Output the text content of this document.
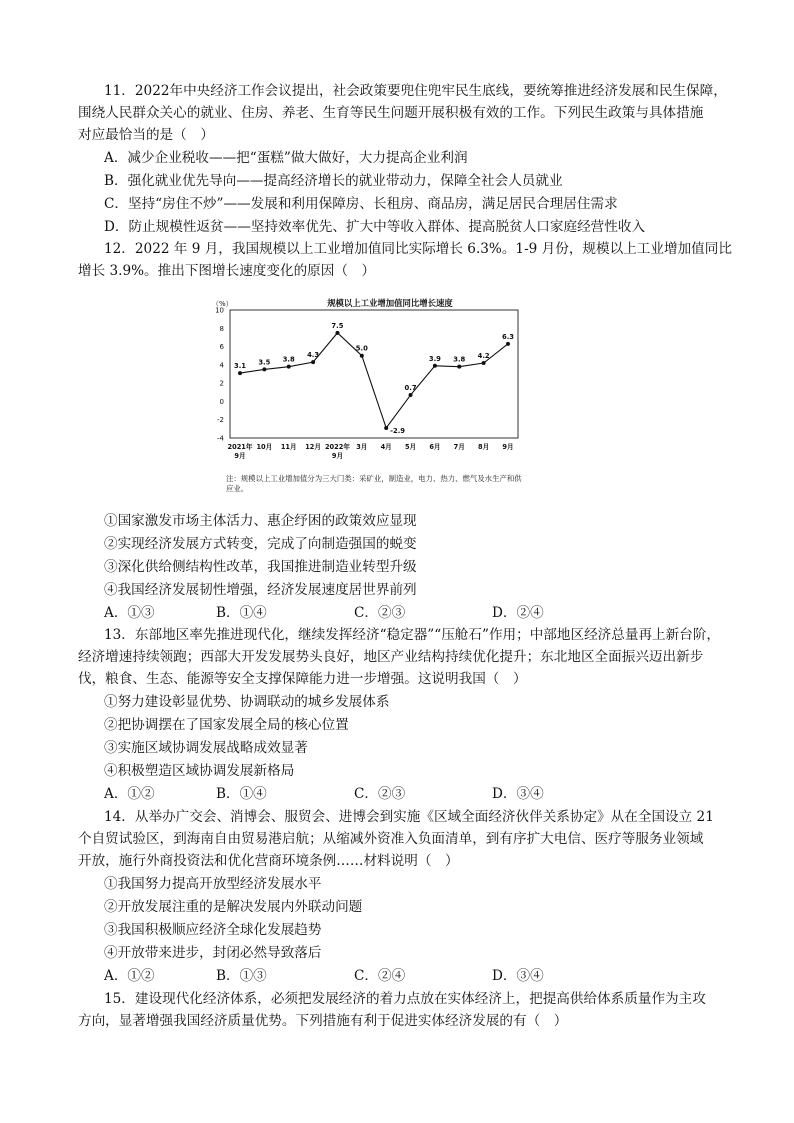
11．2022年中央经济工作会议提出，社会政策要兜住兜牢民生底线，要统筹推进经济发展和民生保障，
围绕人民群众关心的就业、住房、养老、生育等民生问题开展积极有效的工作。下列民生政策与具体措施
对应最恰当的是（　）
A．减少企业税收——把“蛋糕”做大做好，大力提高企业利润
B．强化就业优先导向——提高经济增长的就业带动力，保障全社会人员就业
C．坚持“房住不炒”——发展和利用保障房、长租房、商品房，满足居民合理居住需求
D．防止规模性返贫——坚持效率优先、扩大中等收入群体、提高脱贫人口家庭经营性收入
12．2022 年 9 月，我国规模以上工业增加值同比实际增长 6.3%。1-9 月份，规模以上工业增加值同比
增长 3.9%。推出下图增长速度变化的原因（　）
规模以上工业增加值同比增长速度
（%）
10
8
6
4
2
0
-2
-4
2021年 10月 11月 12月 2022年 3月 4月 5月 6月 7月 8月 9月
9月	9月
3.1 3.5 3.8
4.3
7.5
5.0
-2.9
0.7
3.9 3.8 4.2
6.3
注：规模以上工业增加值分为三大门类：采矿业，制造业，电力、热力、燃气及水生产和供应业。
①国家激发市场主体活力、惠企纾困的政策效应显现
②实现经济发展方式转变，完成了向制造强国的蜕变
③深化供给侧结构性改革，我国推进制造业转型升级
④我国经济发展韧性增强，经济发展速度居世界前列
A．①③	B．①④	C．②③	D．②④
13．东部地区率先推进现代化，继续发挥经济“稳定器”“压舱石”作用；中部地区经济总量再上新台阶，
经济增速持续领跑；西部大开发发展势头良好，地区产业结构持续优化提升；东北地区全面振兴迈出新步
伐，粮食、生态、能源等安全支撑保障能力进一步增强。这说明我国（　）
①努力建设彰显优势、协调联动的城乡发展体系
②把协调摆在了国家发展全局的核心位置
③实施区域协调发展战略成效显著
④积极塑造区域协调发展新格局
A．①②	B．①④	C．②③	D．③④
14．从举办广交会、消博会、服贸会、进博会到实施《区域全面经济伙伴关系协定》从在全国设立 21
个自贸试验区，到海南自由贸易港启航；从缩减外资准入负面清单，到有序扩大电信、医疗等服务业领域
开放，施行外商投资法和优化营商环境条例……材料说明（　）
①我国努力提高开放型经济发展水平
②开放发展注重的是解决发展内外联动问题
③我国积极顺应经济全球化发展趋势
④开放带来进步，封闭必然导致落后
A．①②	B．①③	C．②④	D．③④
15．建设现代化经济体系，必须把发展经济的着力点放在实体经济上，把提高供给体系质量作为主攻
方向，显著增强我国经济质量优势。下列措施有利于促进实体经济发展的有（　）
